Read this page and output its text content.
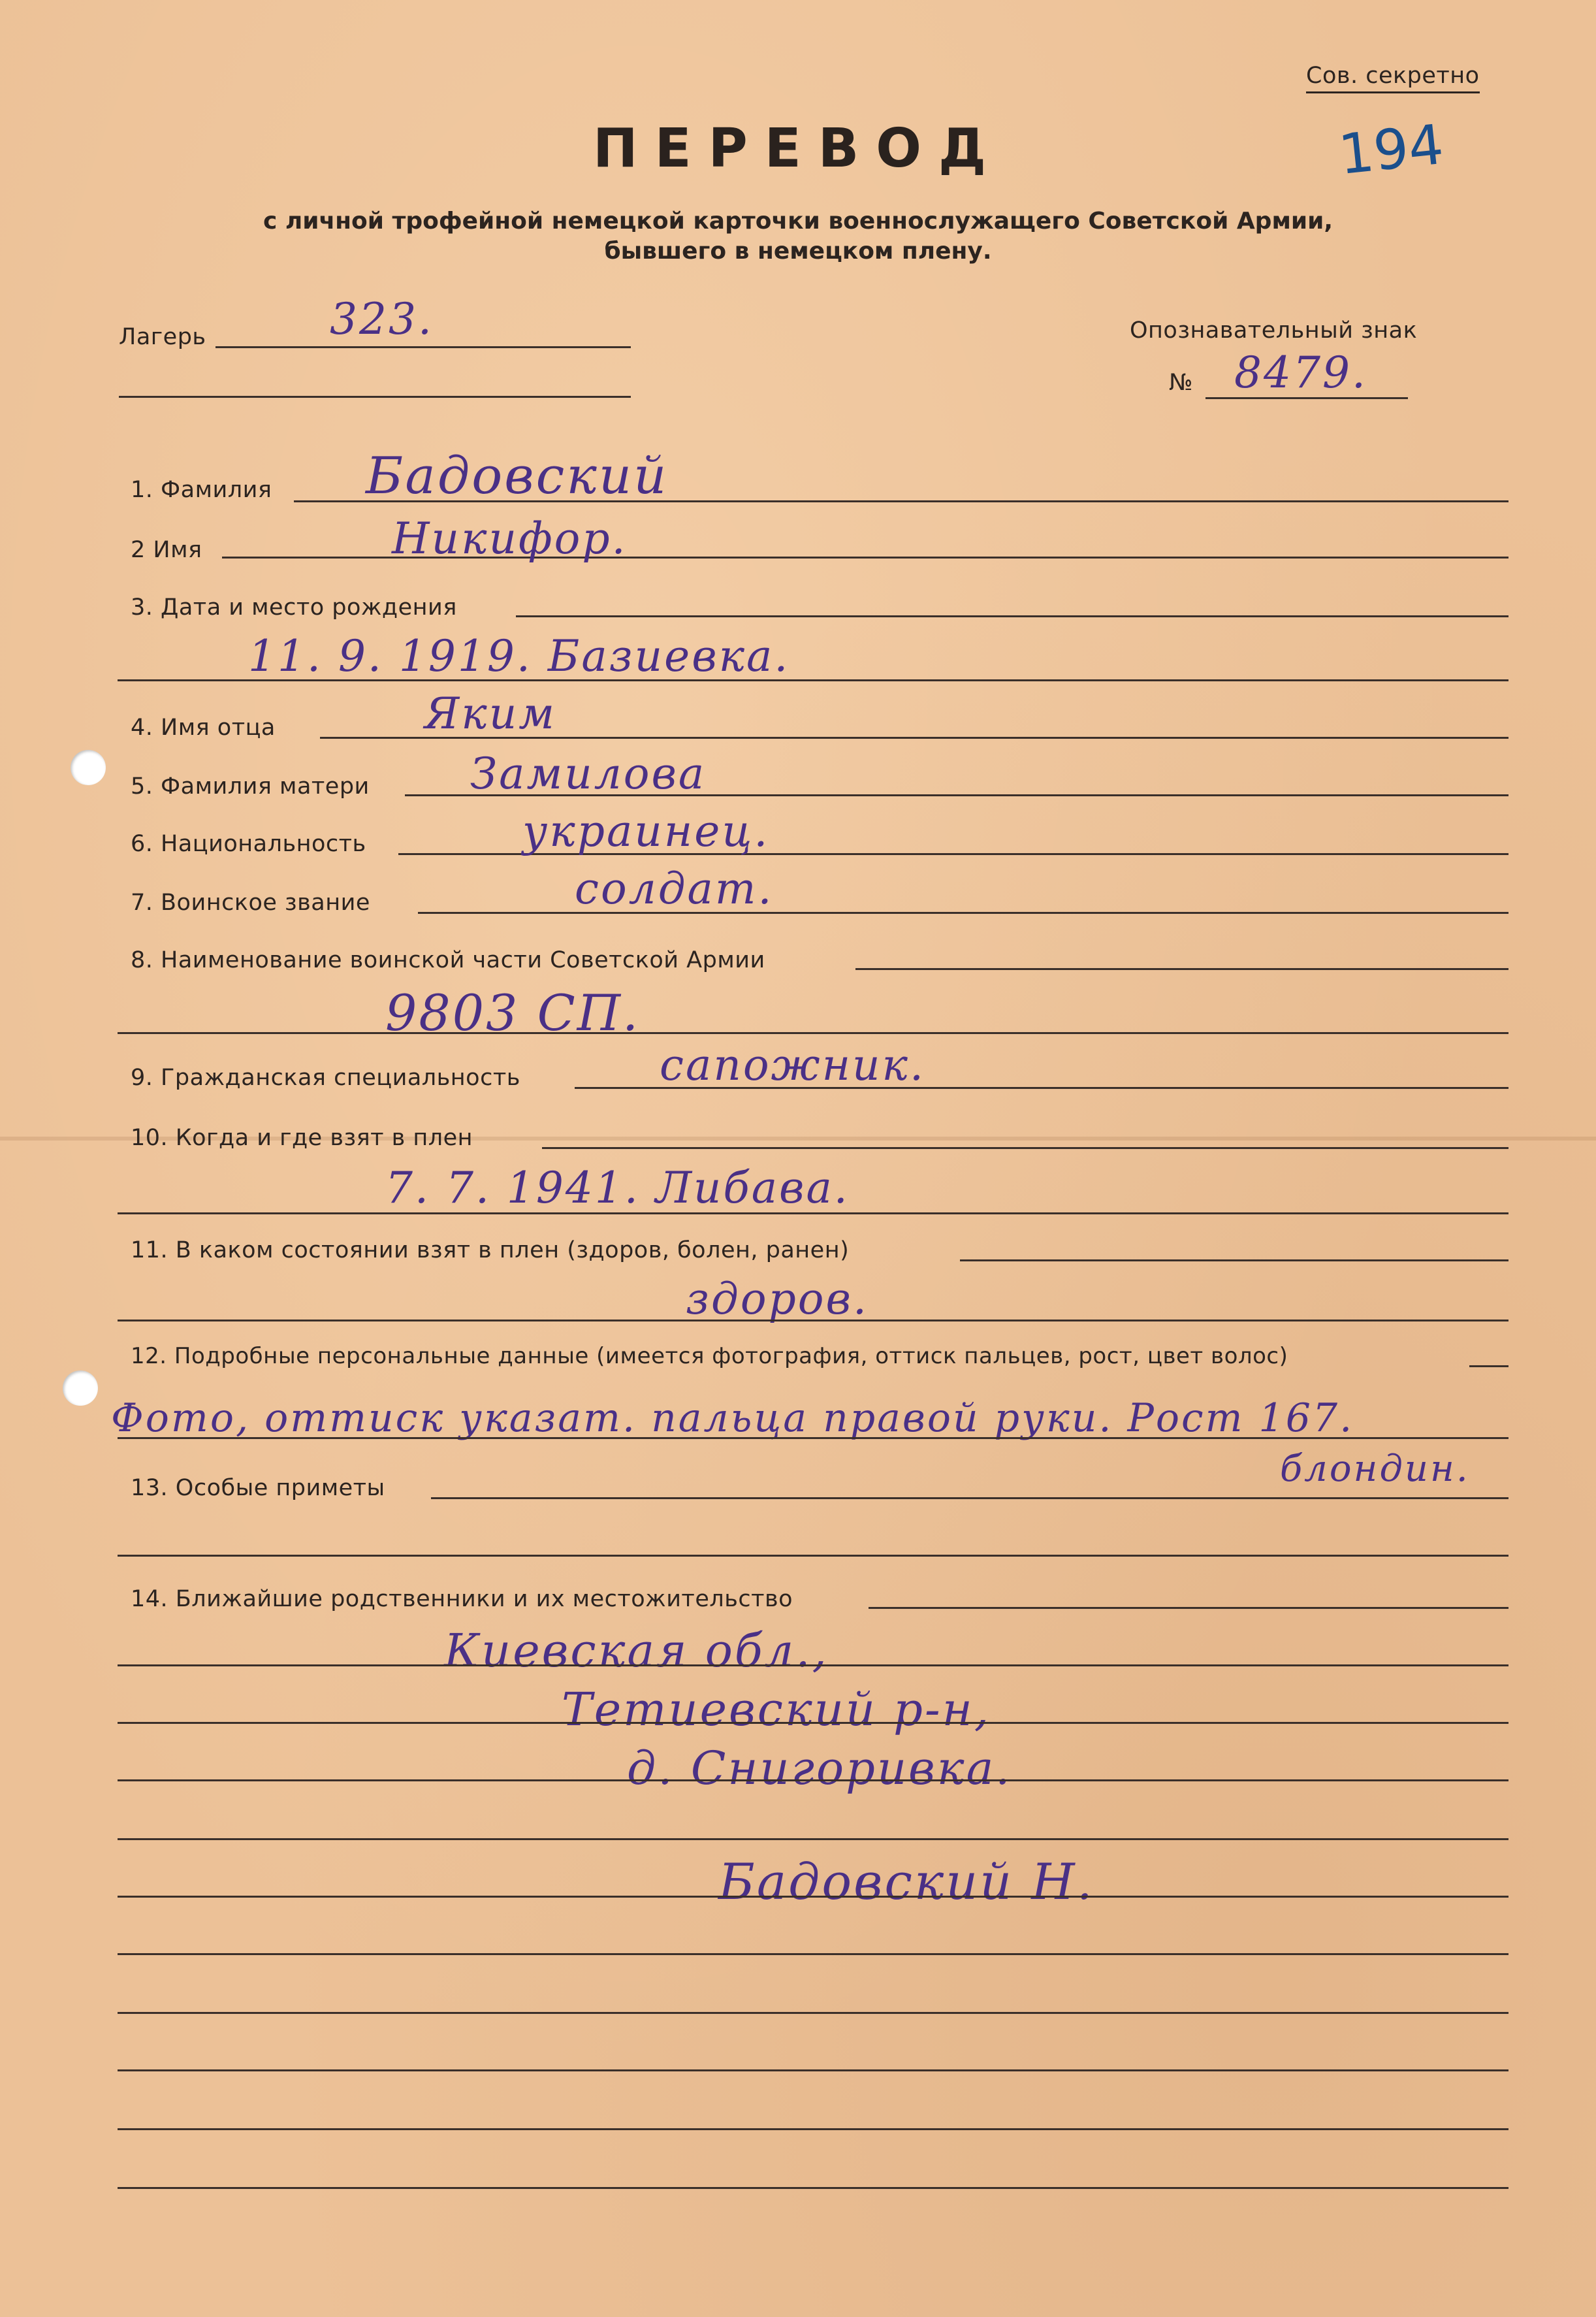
Сов. секретно
194
ПЕРЕВОД
с личной трофейной немецкой карточки военнослужащего Советской Армии,
бывшего в немецком плену.
Лагерь	323.	Опознавательный знак
№ 8479.
1. Фамилия Бадовский
2 Имя	Никифор.
3. Дата и место рождения
11. 9. 1919. Базиевка.
4. Имя отца	Яким
5. Фамилия матери Замилова
6. Национальность	украинец.
7. Воинское звание	солдат.
8. Наименование воинской части Советской Армии
9803 СП.
9. Гражданская специальность	сапожник.
10. Когда и где взят в плен
7. 7. 1941. Либава.
11. В каком состоянии взят в плен (здоров, болен, ранен)
здоров.
12. Подробные персональные данные (имеется фотография, оттиск пальцев, рост, цвет волос)
Фото, оттиск указат. пальца правой руки. Рост 167.
13. Особые приметы	блондин.
14. Ближайшие родственники и их местожительство
Киевская обл.,
Тетиевский р-н,
д. Снигоривка.
Бадовский Н.
